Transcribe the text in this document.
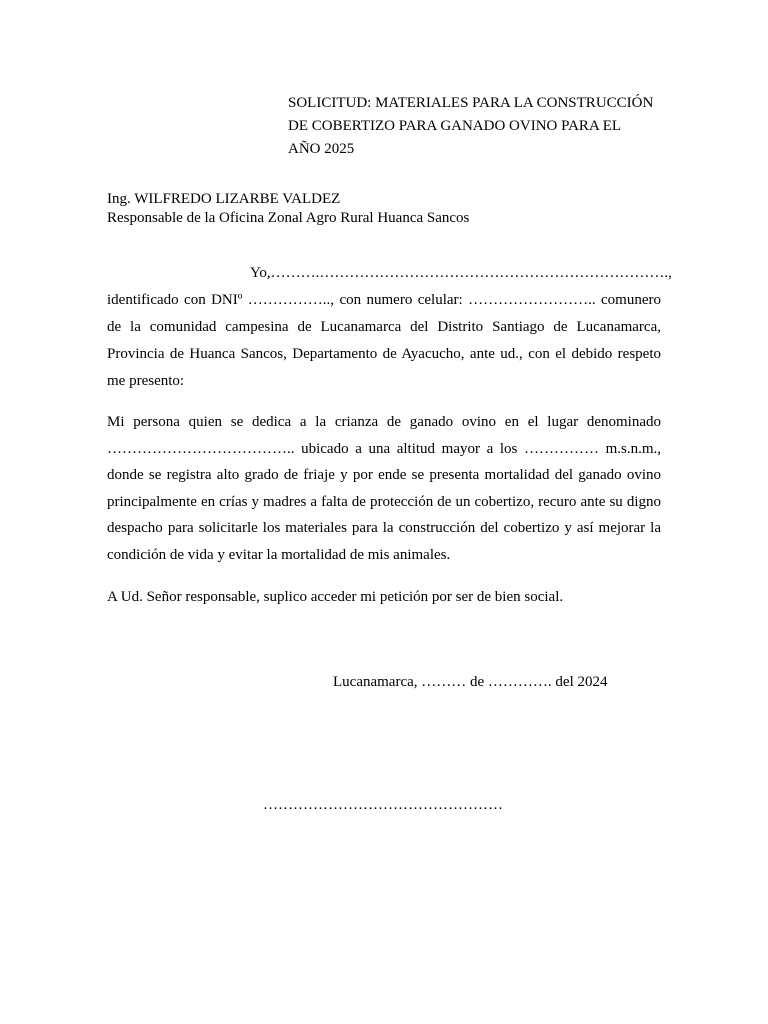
SOLICITUD: MATERIALES PARA LA CONSTRUCCIÓN
DE COBERTIZO PARA GANADO OVINO PARA EL
AÑO 2025
Ing. WILFREDO LIZARBE VALDEZ
Responsable de la Oficina Zonal Agro Rural Huanca Sancos
Yo,……….…………………………………………………………….,
identificado con DNIº …………….., con numero celular: …………………….. comunero de la comunidad campesina de Lucanamarca del Distrito Santiago de Lucanamarca, Provincia de Huanca Sancos, Departamento de Ayacucho, ante ud., con el debido respeto me presento:
Mi persona quien se dedica a la crianza de ganado ovino en el lugar denominado ……………………………….. ubicado a una altitud mayor a los …………… m.s.n.m., donde se registra alto grado de friaje y por ende se presenta mortalidad del ganado ovino principalmente en crías y madres a falta de protección de un cobertizo, recuro ante su digno despacho para solicitarle los materiales para la construcción del cobertizo y así mejorar la condición de vida y evitar la mortalidad de mis animales.
A Ud. Señor responsable, suplico acceder mi petición por ser de bien social.
Lucanamarca, ……… de …………. del 2024
…………………………………………
